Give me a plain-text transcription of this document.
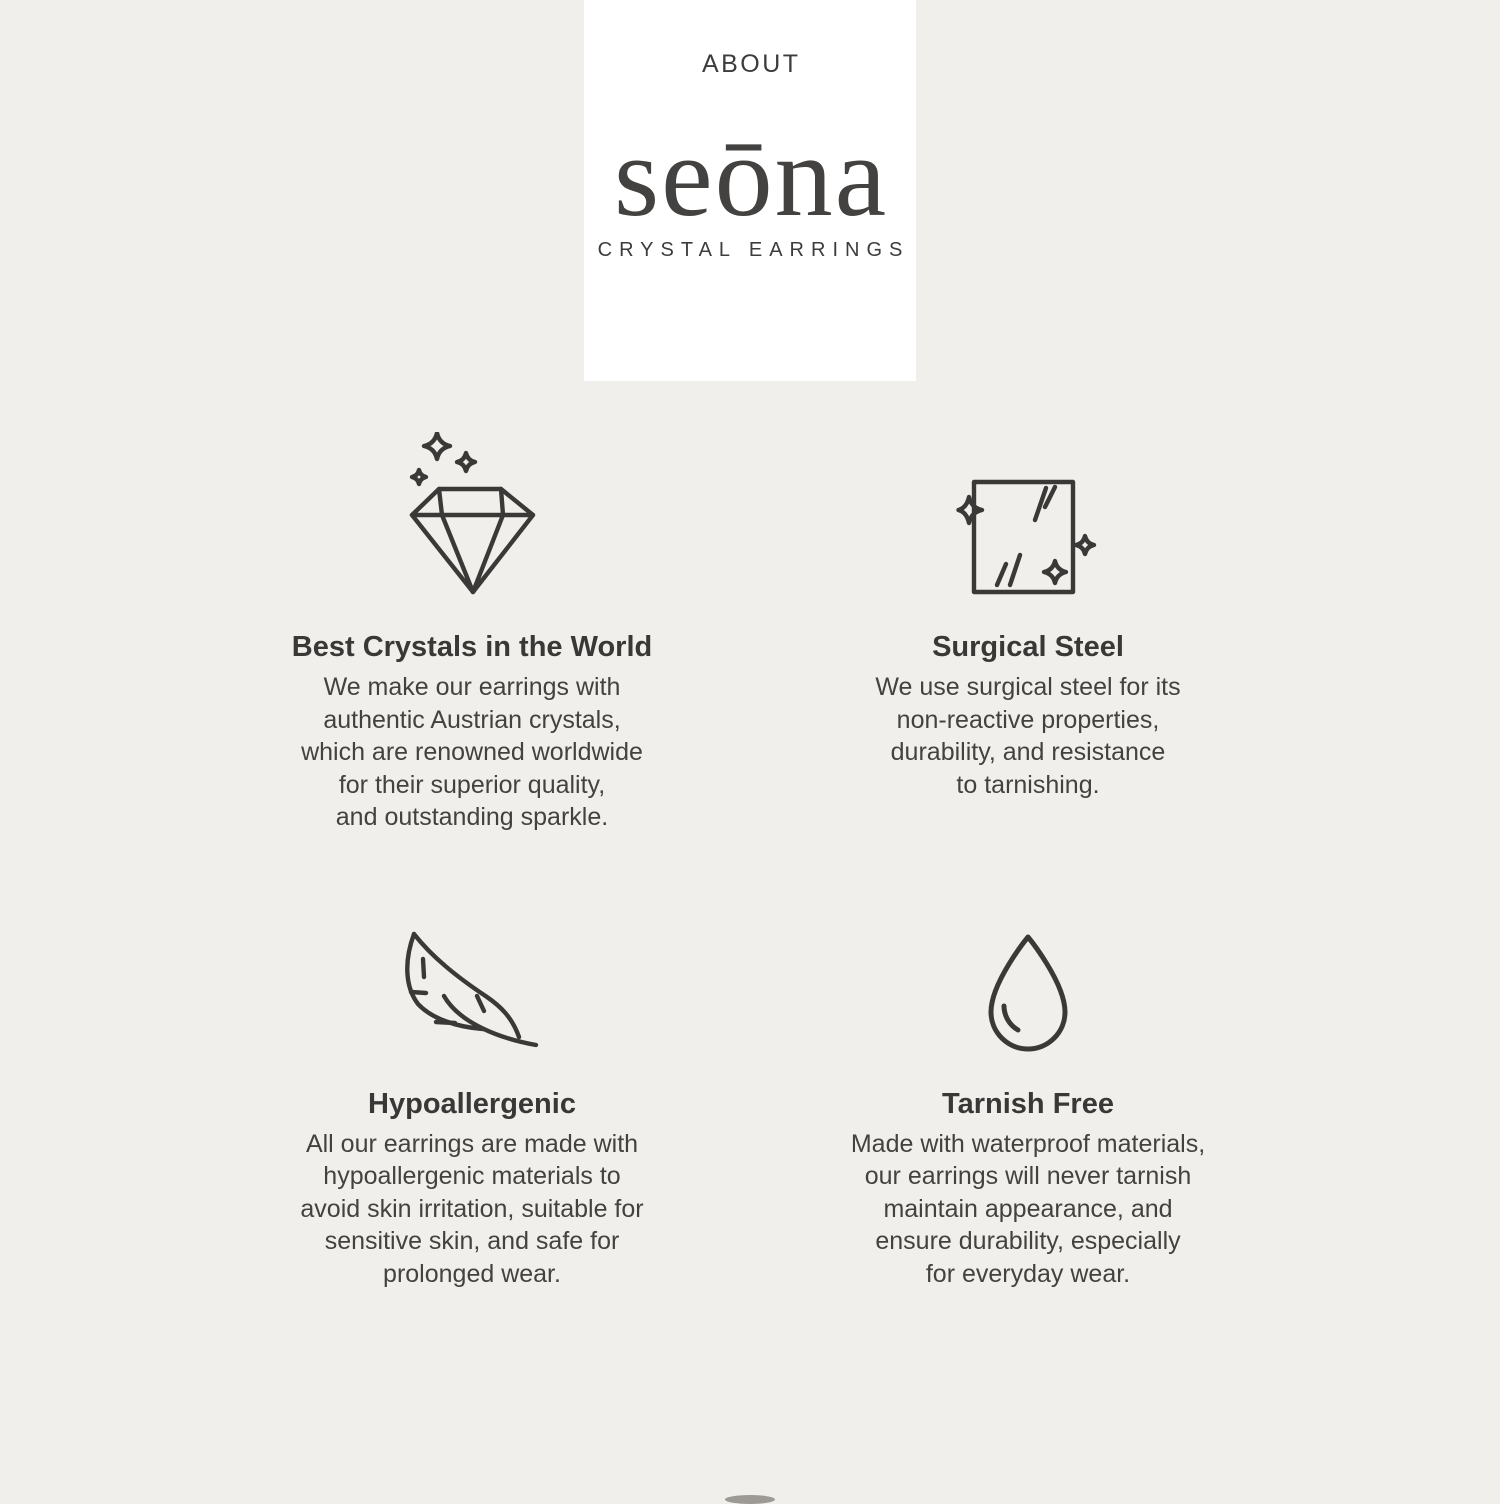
ABOUT
seōna
CRYSTAL EARRINGS
Best Crystals in the World
We make our earrings with
authentic Austrian crystals,
which are renowned worldwide
for their superior quality,
and outstanding sparkle.
Surgical Steel
We use surgical steel for its
non-reactive properties,
durability, and resistance
to tarnishing.
Hypoallergenic
All our earrings are made with
hypoallergenic materials to
avoid skin irritation, suitable for
sensitive skin, and safe for
prolonged wear.
Tarnish Free
Made with waterproof materials,
our earrings will never tarnish
maintain appearance, and
ensure durability, especially
for everyday wear.
